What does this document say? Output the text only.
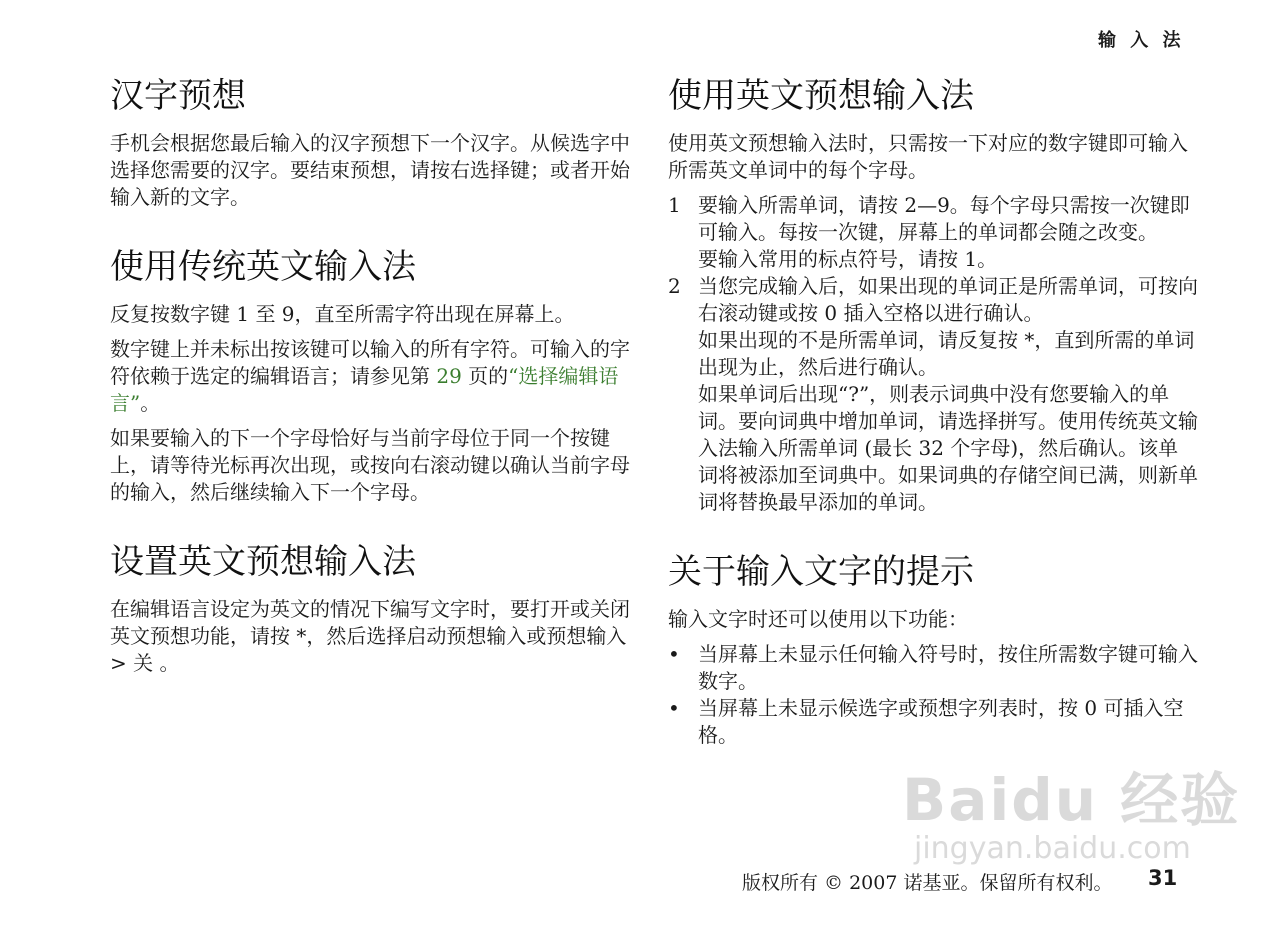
输 入 法
汉字预想

手机会根据您最后输入的汉字预想下一个汉字。从候选字中选择您需要的汉字。要结束预想，请按右选择键；或者开始输入新的文字。

使用传统英文输入法

反复按数字键 1 至 9，直至所需字符出现在屏幕上。

数字键上并未标出按该键可以输入的所有字符。可输入的字符依赖于选定的编辑语言；请参见第 29 页的“选择编辑语言”。

如果要输入的下一个字母恰好与当前字母位于同一个按键上，请等待光标再次出现，或按向右滚动键以确认当前字母的输入，然后继续输入下一个字母。

设置英文预想输入法

在编辑语言设定为英文的情况下编写文字时，要打开或关闭英文预想功能，请按 *，然后选择启动预想输入或预想输入 > 关 。

使用英文预想输入法

使用英文预想输入法时，只需按一下对应的数字键即可输入所需英文单词中的每个字母。

1 要输入所需单词，请按 2—9。每个字母只需按一次键即可输入。每按一次键，屏幕上的单词都会随之改变。
要输入常用的标点符号，请按 1。
2 当您完成输入后，如果出现的单词正是所需单词，可按向右滚动键或按 0 插入空格以进行确认。
如果出现的不是所需单词，请反复按 *，直到所需的单词出现为止，然后进行确认。
如果单词后出现“?”，则表示词典中没有您要输入的单词。要向词典中增加单词，请选择拼写。使用传统英文输入法输入所需单词 (最长 32 个字母)，然后确认。该单词将被添加至词典中。如果词典的存储空间已满，则新单词将替换最早添加的单词。
关于输入文字的提示

输入文字时还可以使用以下功能：

• 当屏幕上未显示任何输入符号时，按住所需数字键可输入数字。
• 当屏幕上未显示候选字或预想字列表时，按 0 可插入空格。
Baidu 经验
jingyan.baidu.com
版权所有 © 2007 诺基亚。保留所有权利。 31
